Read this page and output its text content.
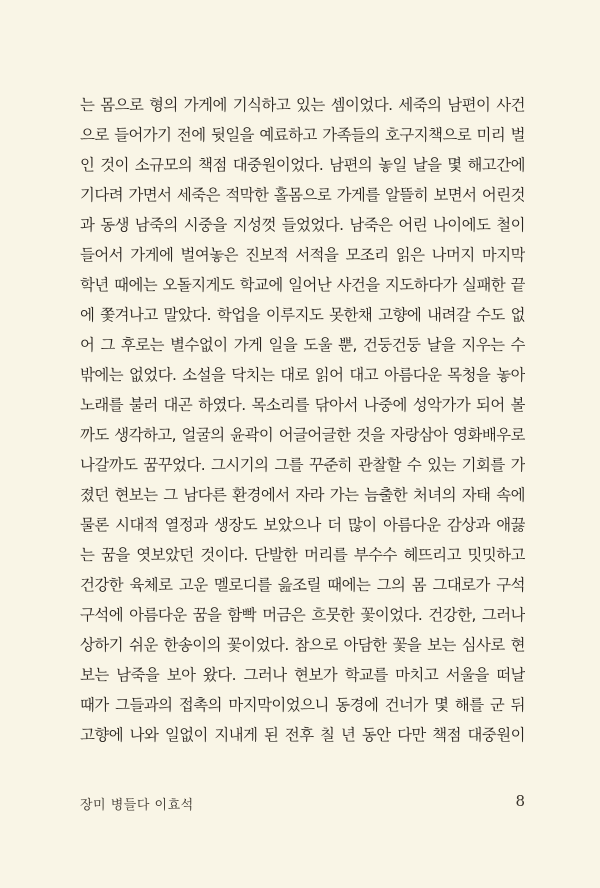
는 몸으로 형의 가게에 기식하고 있는 셈이었다. 세죽의 남편이 사건
으로 들어가기 전에 뒷일을 예료하고 가족들의 호구지책으로 미리 벌
인 것이 소규모의 책점 대중원이었다. 남편의 놓일 날을 몇 해고간에
기다려 가면서 세죽은 적막한 홀몸으로 가게를 알뜰히 보면서 어린것
과 동생 남죽의 시중을 지성껏 들었었다. 남죽은 어린 나이에도 철이
들어서 가게에 벌여놓은 진보적 서적을 모조리 읽은 나머지 마지막
학년 때에는 오돌지게도 학교에 일어난 사건을 지도하다가 실패한 끝
에 쫓겨나고 말았다. 학업을 이루지도 못한채 고향에 내려갈 수도 없
어 그 후로는 별수없이 가게 일을 도울 뿐, 건둥건둥 날을 지우는 수
밖에는 없었다. 소설을 닥치는 대로 읽어 대고 아름다운 목청을 놓아
노래를 불러 대곤 하였다. 목소리를 닦아서 나중에 성악가가 되어 볼
까도 생각하고, 얼굴의 윤곽이 어글어글한 것을 자랑삼아 영화배우로
나갈까도 꿈꾸었다. 그시기의 그를 꾸준히 관찰할 수 있는 기회를 가
졌던 현보는 그 남다른 환경에서 자라 가는 늠출한 처녀의 자태 속에
물론 시대적 열정과 생장도 보았으나 더 많이 아름다운 감상과 애끓
는 꿈을 엿보았던 것이다. 단발한 머리를 부수수 헤뜨리고 밋밋하고
건강한 육체로 고운 멜로디를 읊조릴 때에는 그의 몸 그대로가 구석
구석에 아름다운 꿈을 함빡 머금은 흐뭇한 꽃이었다. 건강한, 그러나
상하기 쉬운 한송이의 꽃이었다. 참으로 아담한 꽃을 보는 심사로 현
보는 남죽을 보아 왔다. 그러나 현보가 학교를 마치고 서울을 떠날
때가 그들과의 접촉의 마지막이었으니 동경에 건너가 몇 해를 군 뒤
고향에 나와 일없이 지내게 된 전후 칠 년 동안 다만 책점 대중원이
장미 병들다 이효석	8
